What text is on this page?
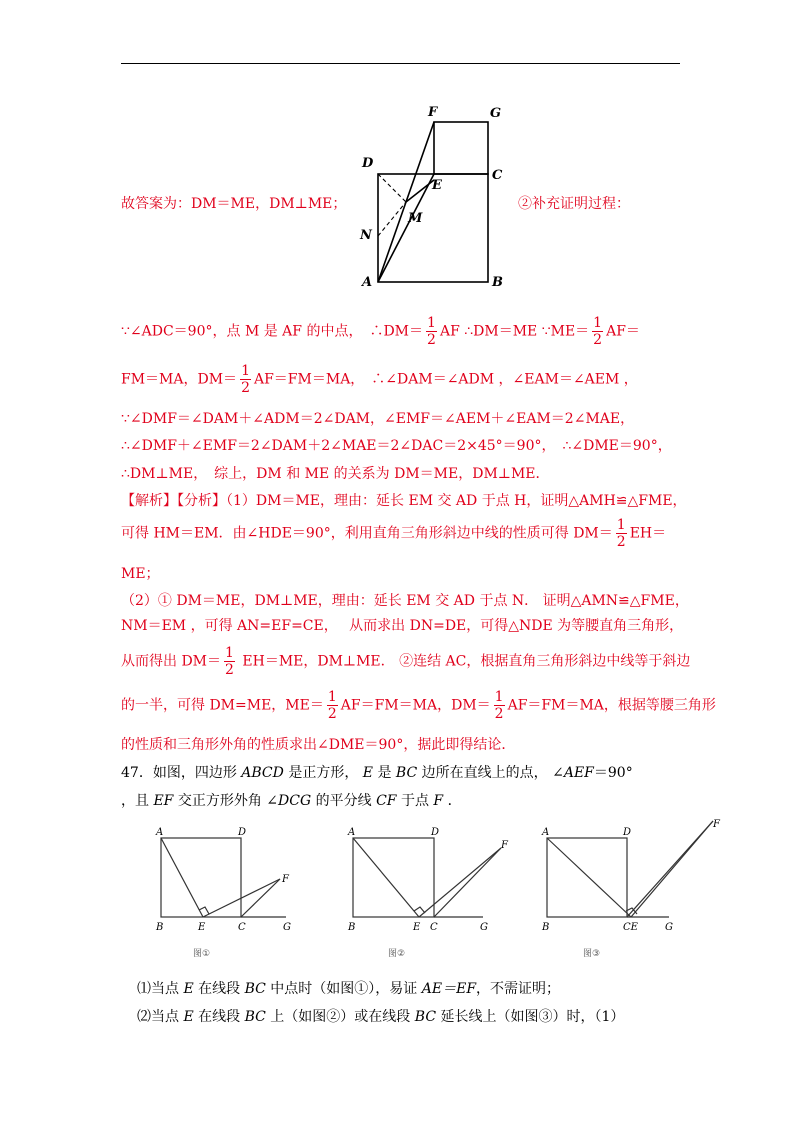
F	G
D
C
E
M
N
A	B
故答案为：DM＝ME，DM⊥ME；	②补充证明过程：
∵∠ADC＝90°，点 M 是 AF 的中点，　∴DM＝ $\frac{1}{2}$ AF ∴DM＝ME ∵ME＝ $\frac{1}{2} AF=$
FM＝MA，$DM= \frac{1}{2} AF=FM=MA$，　∴∠DAM＝∠ADM ，∠EAM＝∠AEM ，
∵∠DMF＝∠DAM＋∠ADM＝2∠DAM，∠EMF＝∠AEM＋∠EAM＝2∠MAE，
∴∠DMF＋∠EMF＝2∠DAM＋2∠MAE＝2∠DAC＝2×45°＝90°，　∴∠DME＝90°，
∴DM⊥ME，　综上，DM 和 ME 的关系为 DM＝ME，DM⊥ME．
【解析】【分析】（1）DM＝ME，理由：延长 EM 交 AD 于点 H，证明△AMH≌△FME，
可得 HM＝EM．由∠HDE＝90°，利用直角三角形斜边中线的性质可得 $DM= \frac{1}{2} EH=$
ME；
（2）① DM＝ME，DM⊥ME，理由：延长 EM 交 AD 于点 N． 证明△AMN≌△FME，
NM＝EM ，可得 AN=EF=CE，　 从而求出 DN=DE，可得△NDE 为等腰直角三角形，
从而得出 $DM= \frac{1}{2} EH=ME$，DM⊥ME． ②连结 AC，根据直角三角形斜边中线等于斜边
的一半，可得 DM=ME，$ME= \frac{1}{2} AF=FM=MA$，$DM= \frac{1}{2} AF=FM=MA$，根据等腰三角形
的性质和三角形外角的性质求出∠DME＝90°，据此即得结论．
47．如图，四边形 ABCD 是正方形， E 是 BC 边所在直线上的点， ∠AEF＝90°
，且 EF 交正方形外角 ∠DCG 的平分线 CF 于点 F ．
A	D
B	E	C	G
F
图①
A	D
B	E C	G
F
图②
A	D
B	CE	G
F
图③
⑴当点 E 在线段 BC 中点时（如图①），易证 AE＝EF，不需证明；
⑵当点 E 在线段 BC 上（如图②）或在线段 BC 延长线上（如图③）时，（1）
